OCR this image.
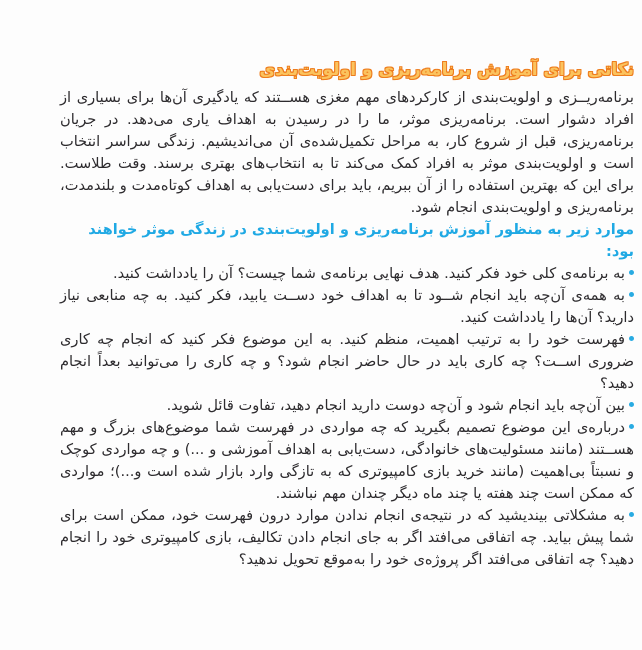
نکاتی برای آموزش برنامه‌ریزی و اولویت‌بندی

برنامه‌ریــزی و اولویت‌بندی از کارکردهای مهم مغزی هســتند که یادگیری آن‌ها برای بسیاری از افراد دشوار است. برنامه‌ریزی موثر، ما را در رسیدن به اهداف یاری می‌دهد. در جریان برنامه‌ریزی، قبل از شروع کار، به مراحل تکمیل‌شده‌ی آن می‌اندیشیم. زندگی سراسر انتخاب است و اولویت‌بندی موثر به افراد کمک می‌کند تا به انتخاب‌های بهتری برسند. وقت طلاست. برای این که بهترین استفاده را از آن ببریم، باید برای دست‌یابی به اهداف کوتاه‌مدت و بلندمدت، برنامه‌ریزی و اولویت‌بندی انجام شود.

موارد زیر به منظور آموزش برنامه‌ریزی و اولویت‌بندی در زندگی موثر خواهند بود:
به برنامه‌ی کلی خود فکر کنید. هدف نهایی برنامه‌ی شما چیست؟ آن را یادداشت کنید.
به همه‌ی آن‌چه باید انجام شــود تا به اهداف خود دســت یابید، فکر کنید. به چه منابعی نیاز دارید؟ آن‌ها را یادداشت کنید.
فهرست خود را به ترتیب اهمیت، منظم کنید. به این موضوع فکر کنید که انجام چه کاری ضروری اســت؟ چه کاری باید در حال حاضر انجام شود؟ و چه کاری را می‌توانید بعداً انجام دهید؟
بین آن‌چه باید انجام شود و آن‌چه دوست دارید انجام دهید، تفاوت قائل شوید.
درباره‌ی این موضوع تصمیم بگیرید که چه مواردی در فهرست شما موضوع‌های بزرگ و مهم هســتند (مانند مسئولیت‌های خانوادگی، دست‌یابی به اهداف آموزشی و ...) و چه مواردی کوچک و نسبتاً بی‌اهمیت (مانند خرید بازی کامپیوتری که به تازگی وارد بازار شده است و...)؛ مواردی که ممکن است چند هفته یا چند ماه دیگر چندان مهم نباشند.
به مشکلاتی بیندیشید که در نتیجه‌ی انجام ندادن موارد درون فهرست خود، ممکن است برای شما پیش بیاید. چه اتفاقی می‌افتد اگر به جای انجام دادن تکالیف، بازی کامپیوتری خود را انجام دهید؟ چه اتفاقی می‌افتد اگر پروژه‌ی خود را به‌موقع تحویل ندهید؟
